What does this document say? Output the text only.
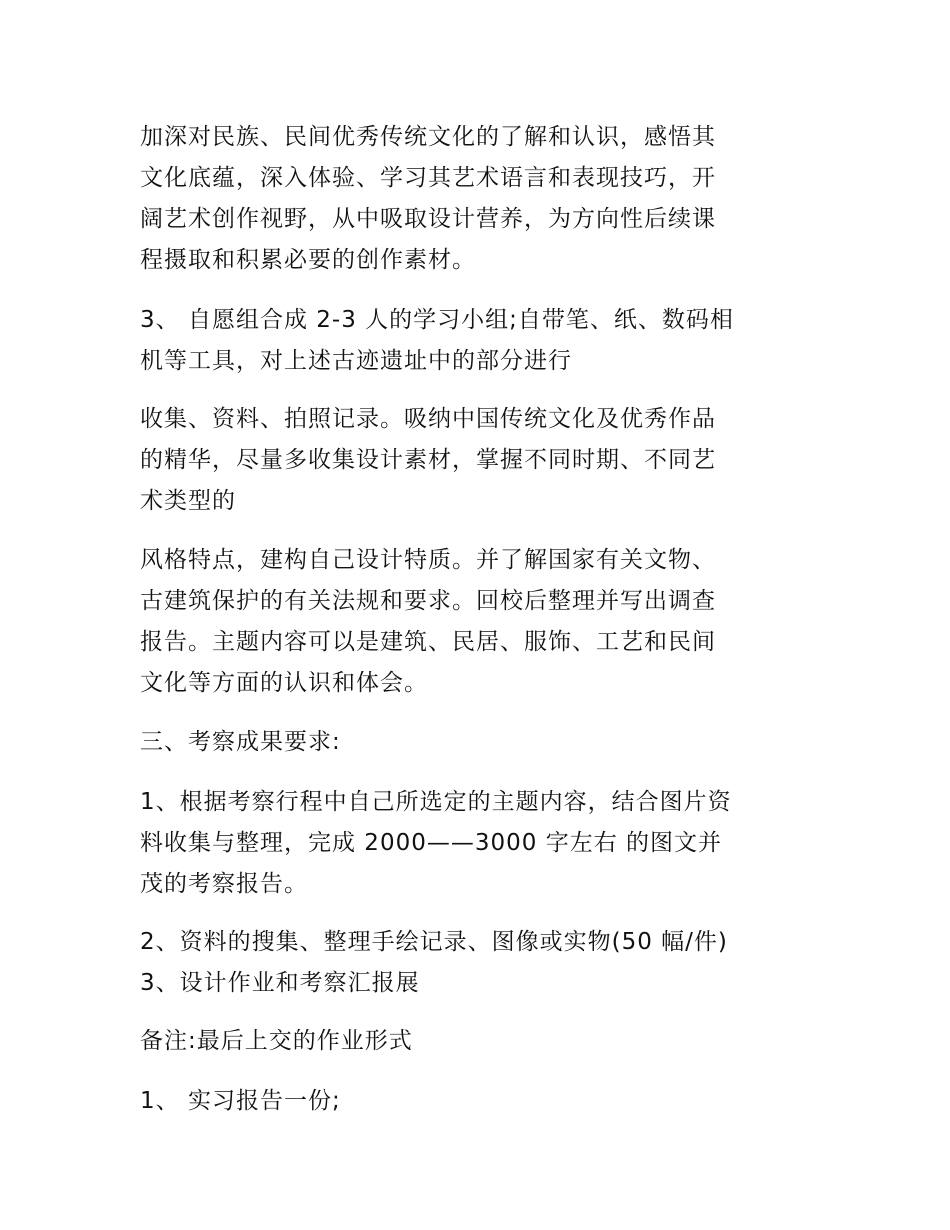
加深对民族、民间优秀传统文化的了解和认识，感悟其
文化底蕴，深入体验、学习其艺术语言和表现技巧，开
阔艺术创作视野，从中吸取设计营养，为方向性后续课
程摄取和积累必要的创作素材。

3、 自愿组合成 2-3 人的学习小组;自带笔、纸、数码相
机等工具，对上述古迹遗址中的部分进行

收集、资料、拍照记录。吸纳中国传统文化及优秀作品
的精华，尽量多收集设计素材，掌握不同时期、不同艺
术类型的

风格特点，建构自己设计特质。并了解国家有关文物、
古建筑保护的有关法规和要求。回校后整理并写出调查
报告。主题内容可以是建筑、民居、服饰、工艺和民间
文化等方面的认识和体会。

三、考察成果要求:

1、根据考察行程中自己所选定的主题内容，结合图片资
料收集与整理，完成 2000——3000 字左右 的图文并
茂的考察报告。

2、资料的搜集、整理手绘记录、图像或实物(50 幅/件)
3、设计作业和考察汇报展

备注:最后上交的作业形式

1、 实习报告一份;
